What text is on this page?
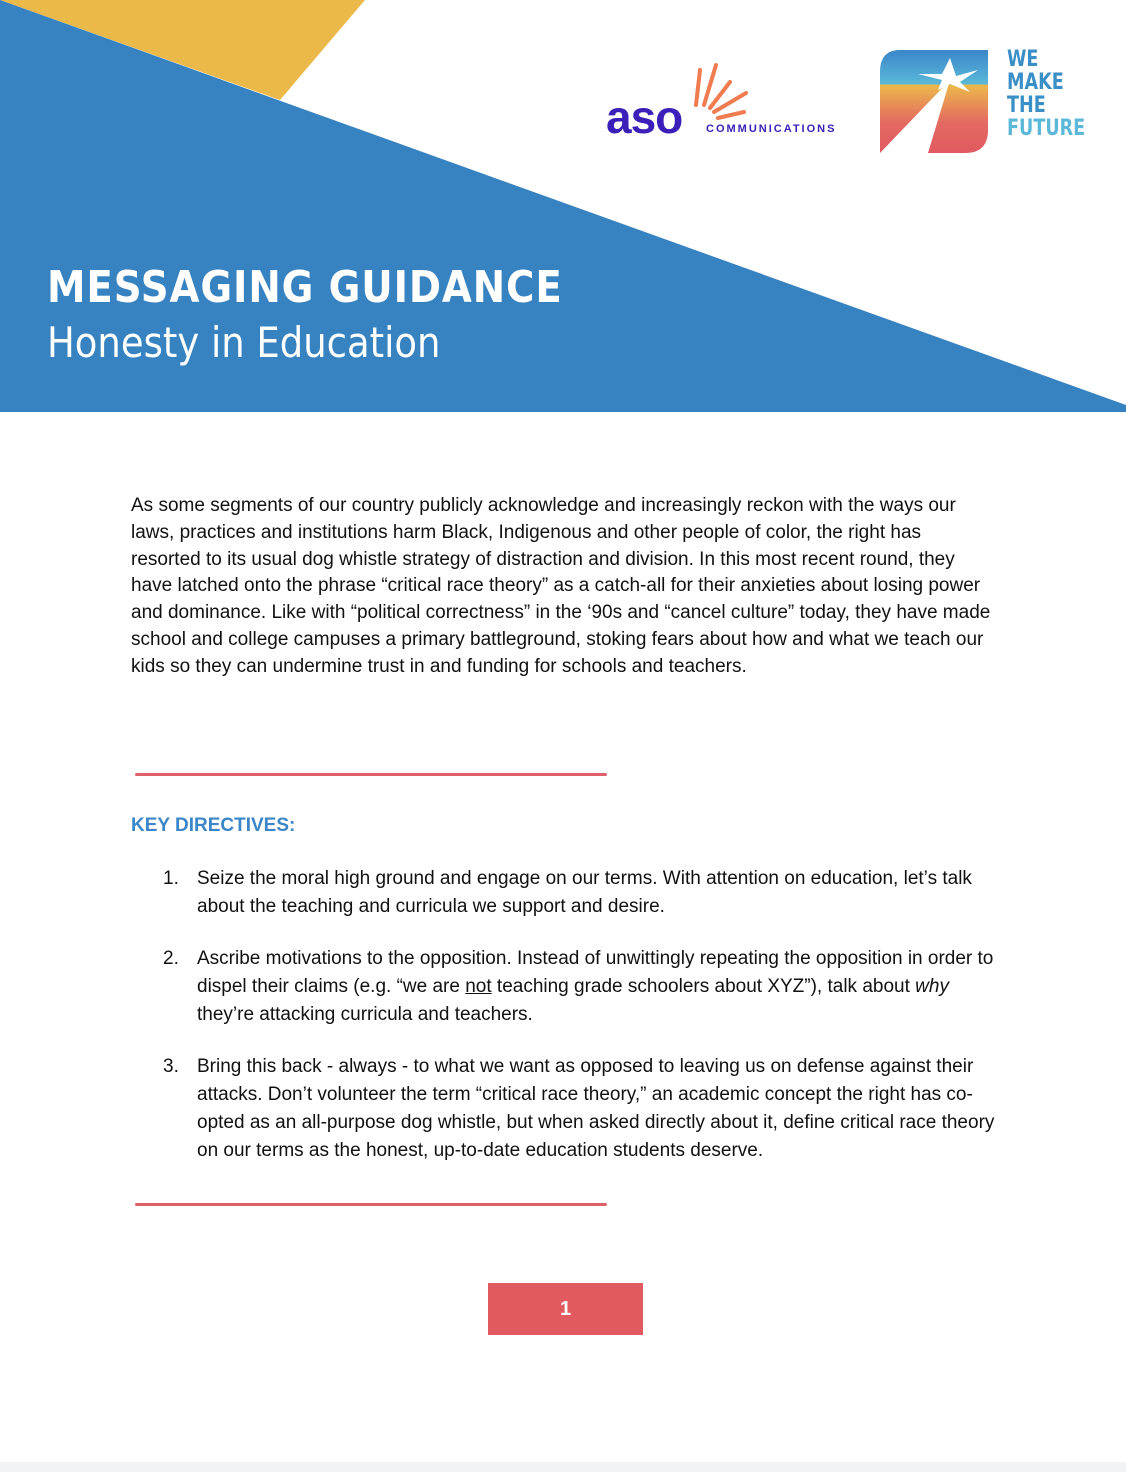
MESSAGING GUIDANCE
Honesty in Education
aso COMMUNICATIONS
WE
MAKE
THE
FUTURE

As some segments of our country publicly acknowledge and increasingly reckon with the ways our laws, practices and institutions harm Black, Indigenous and other people of color, the right has resorted to its usual dog whistle strategy of distraction and division. In this most recent round, they have latched onto the phrase “critical race theory” as a catch-all for their anxieties about losing power and dominance. Like with “political correctness” in the ‘90s and “cancel culture” today, they have made school and college campuses a primary battleground, stoking fears about how and what we teach our kids so they can undermine trust in and funding for schools and teachers.

KEY DIRECTIVES:
1. Seize the moral high ground and engage on our terms. With attention on education, let’s talk about the teaching and curricula we support and desire.
2. Ascribe motivations to the opposition. Instead of unwittingly repeating the opposition in order to dispel their claims (e.g. “we are not teaching grade schoolers about XYZ”), talk about why they’re attacking curricula and teachers.
3. Bring this back - always - to what we want as opposed to leaving us on defense against their attacks. Don’t volunteer the term “critical race theory,” an academic concept the right has co-opted as an all-purpose dog whistle, but when asked directly about it, define critical race theory on our terms as the honest, up-to-date education students deserve.
1
